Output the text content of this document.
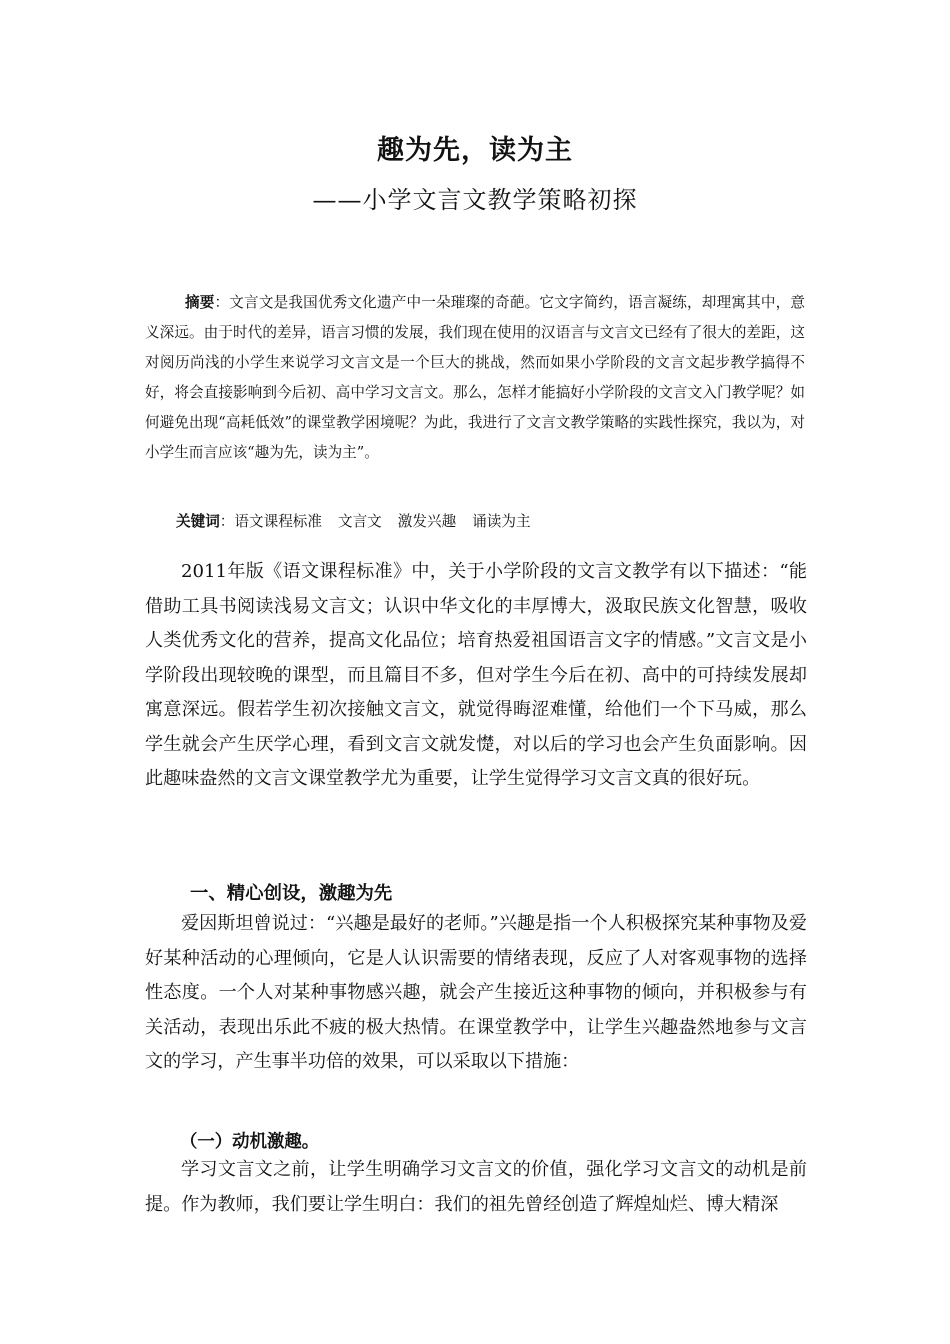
趣为先，读为主
——小学文言文教学策略初探

摘要：文言文是我国优秀文化遗产中一朵璀璨的奇葩。它文字简约，语言凝练，却理寓其中，意义深远。由于时代的差异，语言习惯的发展，我们现在使用的汉语言与文言文已经有了很大的差距，这对阅历尚浅的小学生来说学习文言文是一个巨大的挑战，然而如果小学阶段的文言文起步教学搞得不好，将会直接影响到今后初、高中学习文言文。那么，怎样才能搞好小学阶段的文言文入门教学呢？如何避免出现“高耗低效”的课堂教学困境呢？为此，我进行了文言文教学策略的实践性探究，我以为，对小学生而言应该“趣为先，读为主”。

关键词：语文课程标准 文言文 激发兴趣 诵读为主

2011年版《语文课程标准》中，关于小学阶段的文言文教学有以下描述：“能借助工具书阅读浅易文言文；认识中华文化的丰厚博大，汲取民族文化智慧，吸收人类优秀文化的营养，提高文化品位；培育热爱祖国语言文字的情感。”文言文是小学阶段出现较晚的课型，而且篇目不多，但对学生今后在初、高中的可持续发展却寓意深远。假若学生初次接触文言文，就觉得晦涩难懂，给他们一个下马威，那么学生就会产生厌学心理，看到文言文就发憷，对以后的学习也会产生负面影响。因此趣味盎然的文言文课堂教学尤为重要，让学生觉得学习文言文真的很好玩。

一、精心创设，激趣为先

爱因斯坦曾说过：“兴趣是最好的老师。”兴趣是指一个人积极探究某种事物及爱好某种活动的心理倾向，它是人认识需要的情绪表现，反应了人对客观事物的选择性态度。一个人对某种事物感兴趣，就会产生接近这种事物的倾向，并积极参与有关活动，表现出乐此不疲的极大热情。在课堂教学中，让学生兴趣盎然地参与文言文的学习，产生事半功倍的效果，可以采取以下措施：

（一）动机激趣。

学习文言文之前，让学生明确学习文言文的价值，强化学习文言文的动机是前提。作为教师，我们要让学生明白：我们的祖先曾经创造了辉煌灿烂、博大精深
